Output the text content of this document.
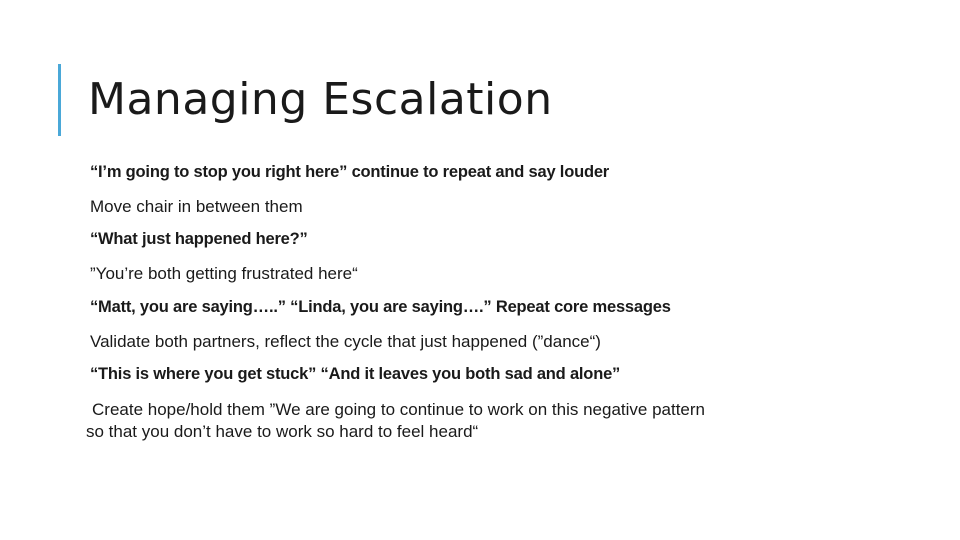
Managing Escalation

“I’m going to stop you right here” continue to repeat and say louder

Move chair in between them

“What just happened here?”

”You’re both getting frustrated here“

“Matt, you are saying…..” “Linda, you are saying….” Repeat core messages

Validate both partners, reflect the cycle that just happened (”dance“)

“This is where you get stuck” “And it leaves you both sad and alone”

Create hope/hold them ”We are going to continue to work on this negative pattern
so that you don’t have to work so hard to feel heard“
